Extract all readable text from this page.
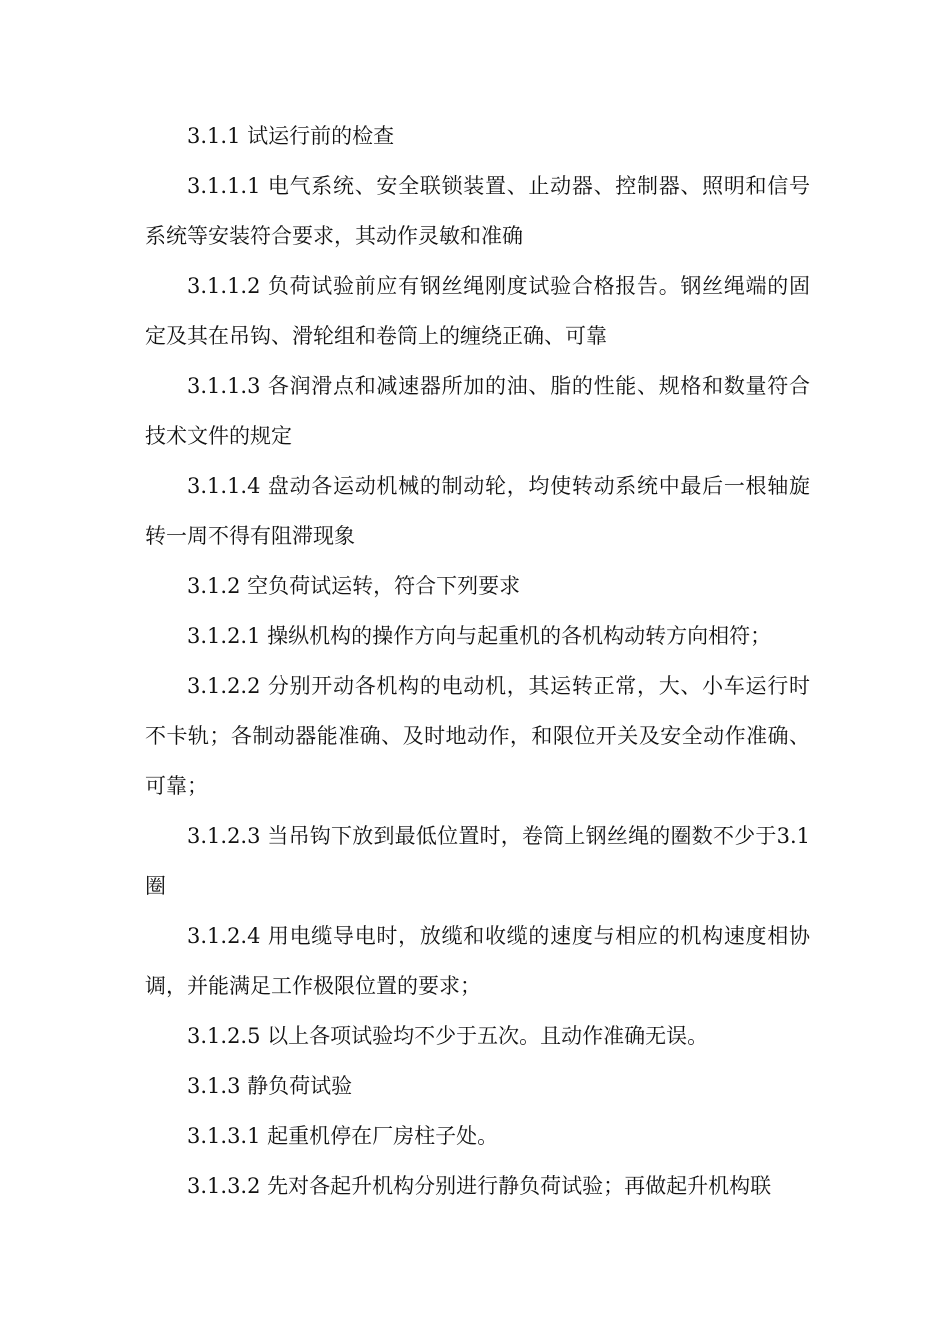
3.1.1 试运行前的检查

3.1.1.1 电气系统、安全联锁装置、止动器、控制器、照明和信号系统等安装符合要求，其动作灵敏和准确

3.1.1.2 负荷试验前应有钢丝绳刚度试验合格报告。钢丝绳端的固定及其在吊钩、滑轮组和卷筒上的缠绕正确、可靠

3.1.1.3 各润滑点和减速器所加的油、脂的性能、规格和数量符合技术文件的规定

3.1.1.4 盘动各运动机械的制动轮，均使转动系统中最后一根轴旋转一周不得有阻滞现象

3.1.2 空负荷试运转，符合下列要求

3.1.2.1 操纵机构的操作方向与起重机的各机构动转方向相符；

3.1.2.2 分别开动各机构的电动机，其运转正常，大、小车运行时不卡轨；各制动器能准确、及时地动作，和限位开关及安全动作准确、可靠；

3.1.2.3 当吊钩下放到最低位置时，卷筒上钢丝绳的圈数不少于3.1圈

3.1.2.4 用电缆导电时，放缆和收缆的速度与相应的机构速度相协调，并能满足工作极限位置的要求；

3.1.2.5 以上各项试验均不少于五次。且动作准确无误。

3.1.3 静负荷试验

3.1.3.1 起重机停在厂房柱子处。

3.1.3.2 先对各起升机构分别进行静负荷试验；再做起升机构联
